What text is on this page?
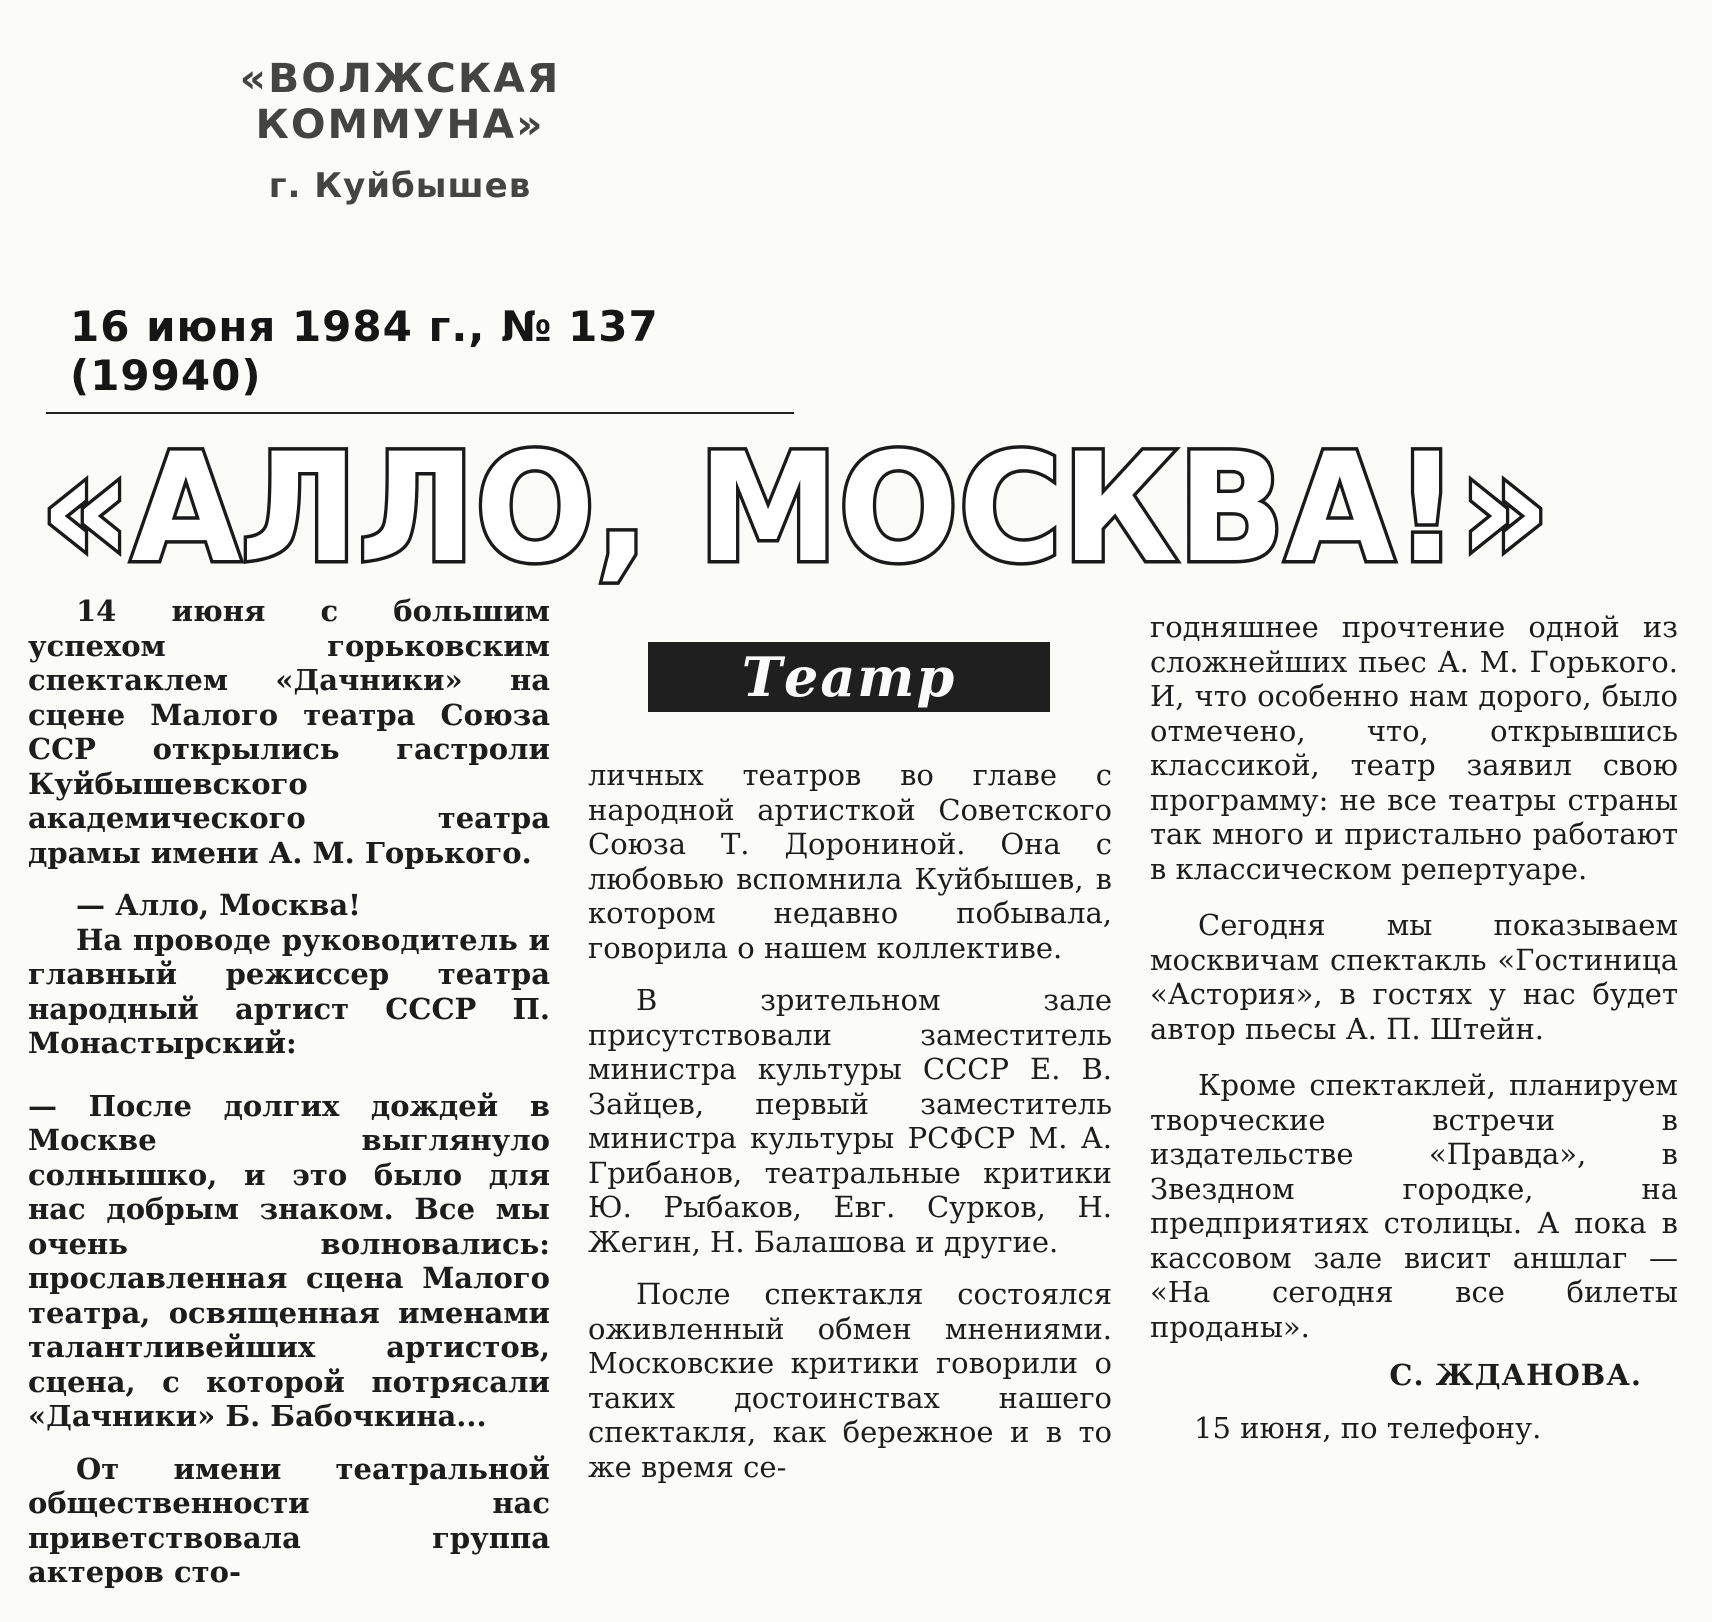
«ВОЛЖСКАЯ КОММУНА»
г. Куйбышев
16 июня 1984 г., № 137 (19940)
«АЛЛО, МОСКВА!»
Театр

14 июня с большим успехом горьковским спектаклем «Дачники» на сцене Малого театра Союза ССР открылись гастроли Куйбышевского академического театра драмы имени А. М. Горького.

— Алло, Москва!

На проводе руководитель и главный режиссер театра народный артист СССР П. Монастырский:

— После долгих дождей в Москве выглянуло солнышко, и это было для нас добрым знаком. Все мы очень волновались: прославленная сцена Малого театра, освященная именами талантливейших артистов, сцена, с которой потрясали «Дачники» Б. Бабочкина...

От имени театральной общественности нас приветствовала группа актеров сто-

личных театров во главе с народной артисткой Советского Союза Т. Дорониной. Она с любовью вспомнила Куйбышев, в котором недавно побывала, говорила о нашем коллективе.

В зрительном зале присутствовали заместитель министра культуры СССР Е. В. Зайцев, первый заместитель министра культуры РСФСР М. А. Грибанов, театральные критики Ю. Рыбаков, Евг. Сурков, Н. Жегин, Н. Балашова и другие.

После спектакля состоялся оживленный обмен мнениями. Московские критики говорили о таких достоинствах нашего спектакля, как бережное и в то же время се-

годняшнее прочтение одной из сложнейших пьес А. М. Горького. И, что особенно нам дорого, было отмечено, что, открывшись классикой, театр заявил свою программу: не все театры страны так много и пристально работают в классическом репертуаре.

Сегодня мы показываем москвичам спектакль «Гостиница «Астория», в гостях у нас будет автор пьесы А. П. Штейн.

Кроме спектаклей, планируем творческие встречи в издательстве «Правда», в Звездном городке, на предприятиях столицы. А пока в кассовом зале висит аншлаг — «На сегодня все билеты проданы».

С. ЖДАНОВА.

15 июня, по телефону.
